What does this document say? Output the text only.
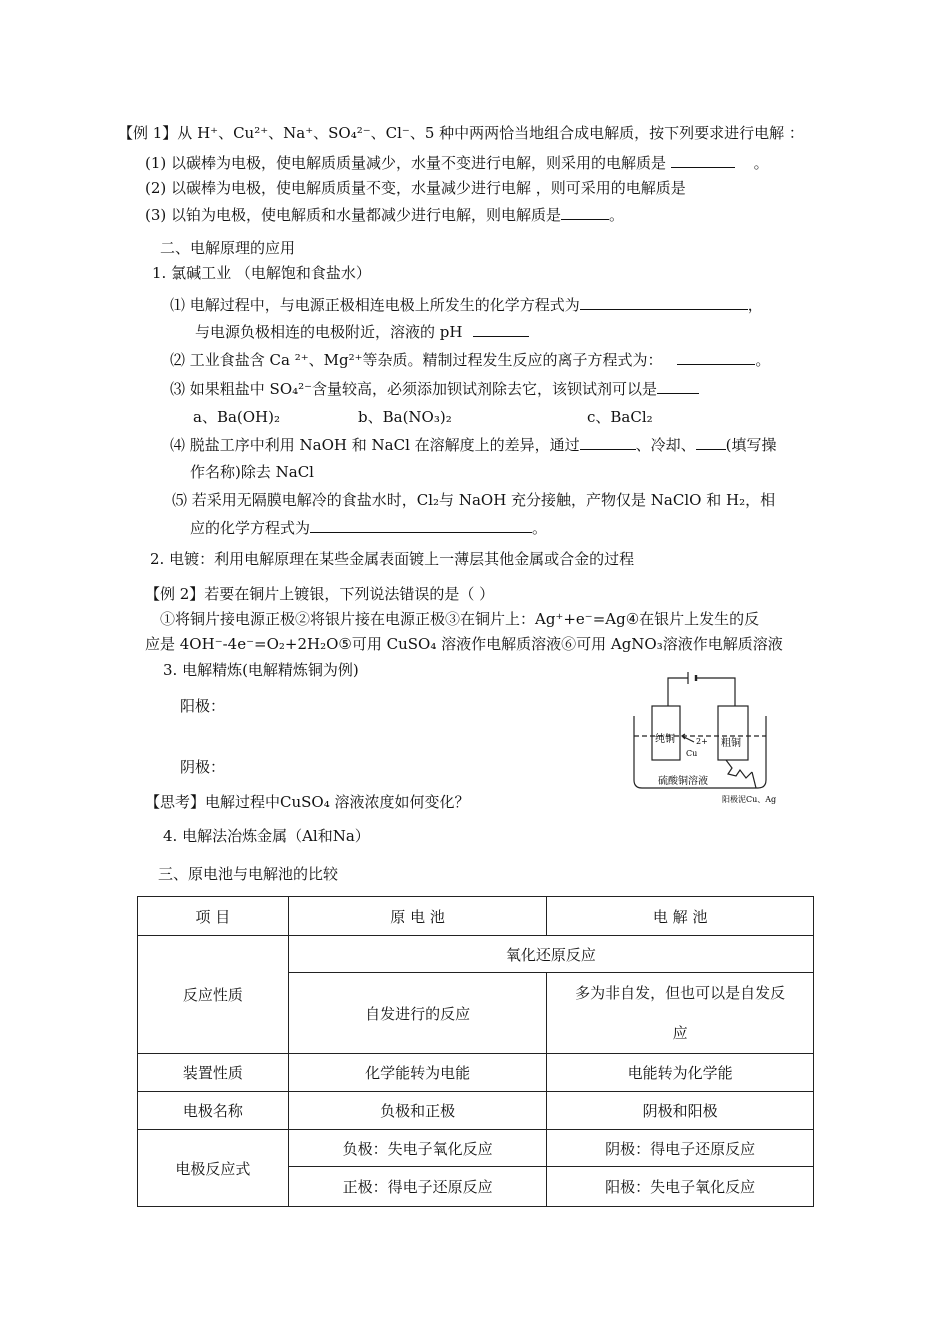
【例 1】从 H⁺、Cu²⁺、Na⁺、SO₄²⁻、Cl⁻、5 种中两两恰当地组合成电解质，按下列要求进行电解 ：
(1) 以碳棒为电极，使电解质质量减少，水量不变进行电解，则采用的电解质是	。
(2) 以碳棒为电极，使电解质质量不变，水量减少进行电解 ，则可采用的电解质是
(3) 以铂为电极，使电解质和水量都减少进行电解，则电解质是	。
二、电解原理的应用
1. 氯碱工业 （电解饱和食盐水）
⑴ 电解过程中，与电源正极相连电极上所发生的化学方程式为	，
与电源负极相连的电极附近，溶液的 pH
⑵ 工业食盐含 Ca ²⁺、Mg²⁺等杂质。精制过程发生反应的离子方程式为：	。
⑶ 如果粗盐中 SO₄²⁻含量较高，必须添加钡试剂除去它，该钡试剂可以是
a、Ba(OH)₂	b、Ba(NO₃)₂	c、BaCl₂
⑷ 脱盐工序中利用 NaOH 和 NaCl 在溶解度上的差异，通过	、冷却、 (填写操
作名称)除去 NaCl
⑸ 若采用无隔膜电解冷的食盐水时，Cl₂与 NaOH 充分接触，产物仅是 NaClO 和 H₂，相
应的化学方程式为	。
2. 电镀：利用电解原理在某些金属表面镀上一薄层其他金属或合金的过程
【例 2】若要在铜片上镀银，下列说法错误的是（ ）
①将铜片接电源正极②将银片接在电源正极③在铜片上：Ag⁺+e⁻=Ag④在银片上发生的反
应是 4OH⁻-4e⁻=O₂+2H₂O⑤可用 CuSO₄ 溶液作电解质溶液⑥可用 AgNO₃溶液作电解质溶液
3. 电解精炼(电解精炼铜为例)
阳极：
阴极：
【思考】电解过程中CuSO₄ 溶液浓度如何变化？
4. 电解法冶炼金属（Al和Na）
纯铜	粗铜
2+
Cu
硫酸铜溶液
阳极泥Cu、Ag
三、原电池与电解池的比较
项 目	原 电 池	电 解 池
反应性质	氧化还原反应	
	自发进行的反应	多为非自发，但也可以是自发反
应

装置性质	化学能转为电能	电能转为化学能
电极名称	负极和正极	阴极和阳极
电极反应式	负极：失电子氧化反应	阴极：得电子还原反应
	正极：得电子还原反应	阳极：失电子氧化反应
